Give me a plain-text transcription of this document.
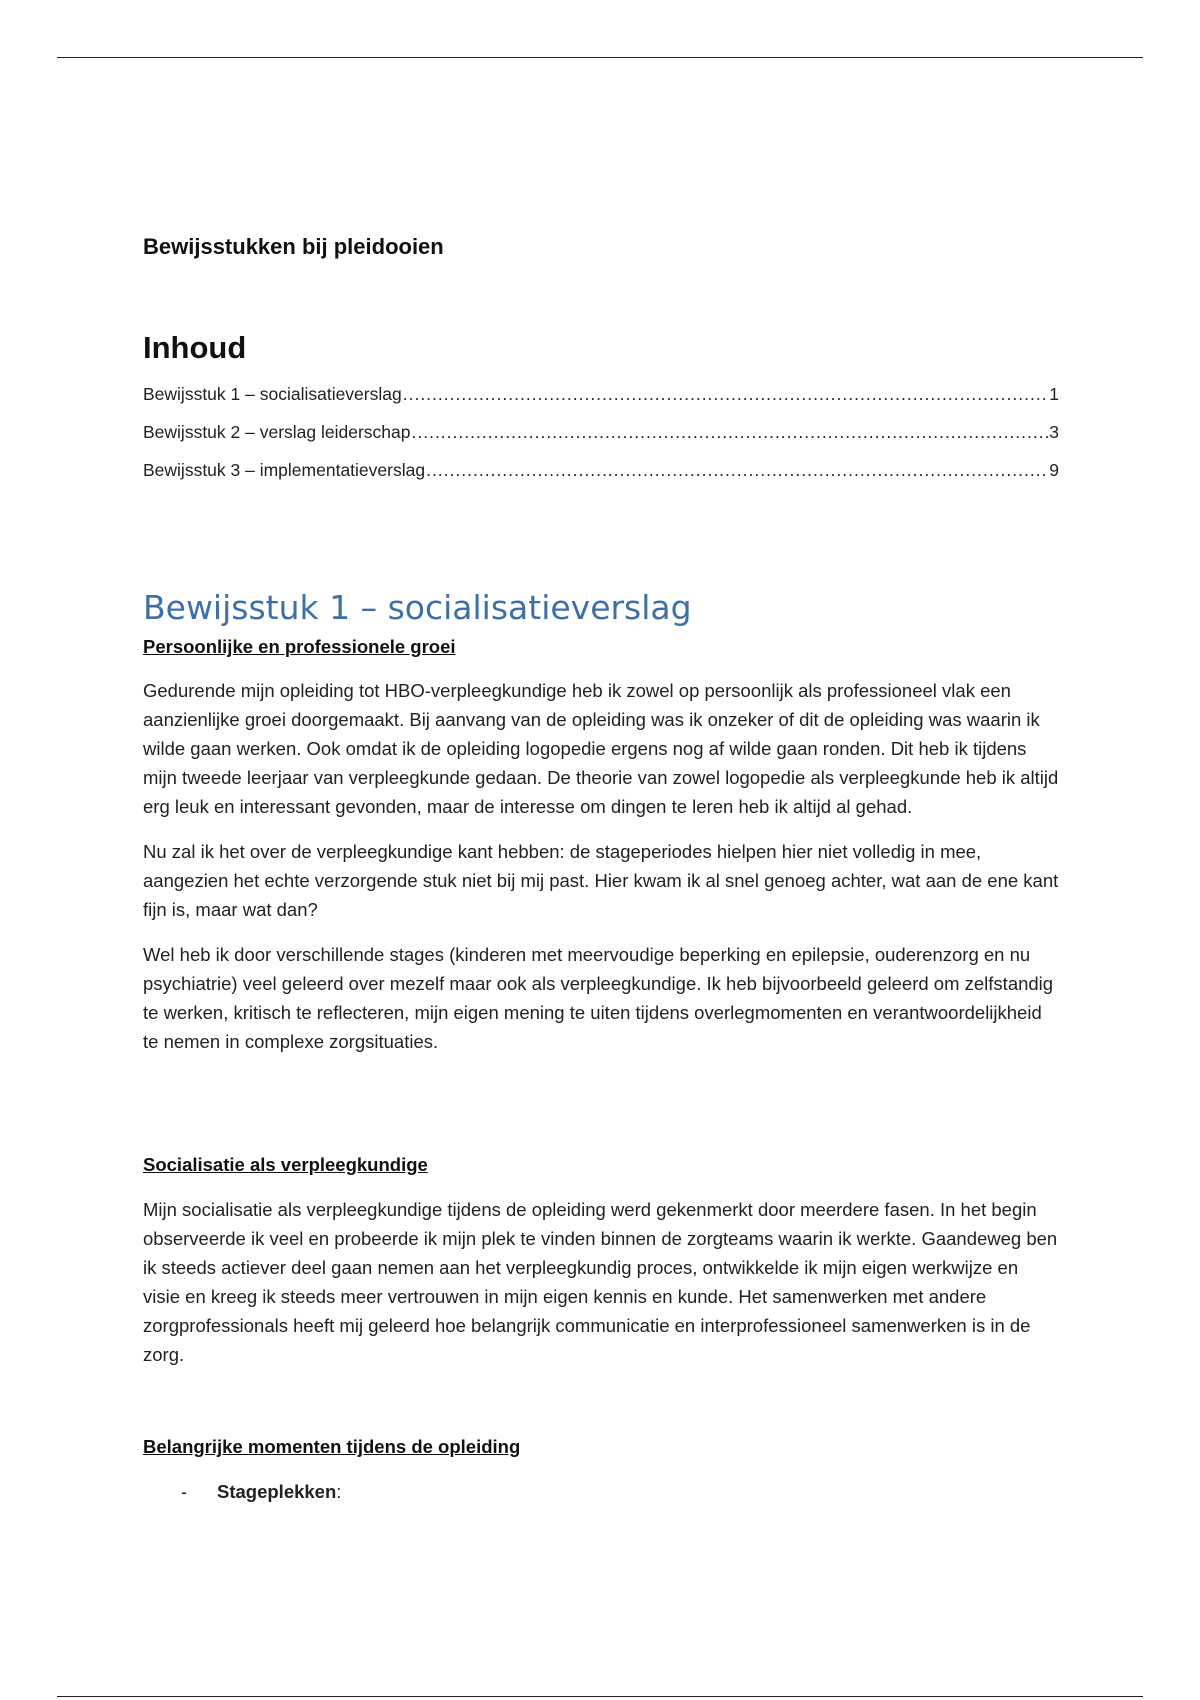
Bewijsstukken bij pleidooien
Inhoud
Bewijsstuk 1 – socialisatieverslag .....	1
Bewijsstuk 2 – verslag leiderschap .....	3
Bewijsstuk 3 – implementatieverslag .....	9
Bewijsstuk 1 – socialisatieverslag
Persoonlijke en professionele groei

Gedurende mijn opleiding tot HBO-verpleegkundige heb ik zowel op persoonlijk als professioneel vlak een aanzienlijke groei doorgemaakt. Bij aanvang van de opleiding was ik onzeker of dit de opleiding was waarin ik wilde gaan werken. Ook omdat ik de opleiding logopedie ergens nog af wilde gaan ronden. Dit heb ik tijdens mijn tweede leerjaar van verpleegkunde gedaan. De theorie van zowel logopedie als verpleegkunde heb ik altijd erg leuk en interessant gevonden, maar de interesse om dingen te leren heb ik altijd al gehad.

Nu zal ik het over de verpleegkundige kant hebben: de stageperiodes hielpen hier niet volledig in mee, aangezien het echte verzorgende stuk niet bij mij past. Hier kwam ik al snel genoeg achter, wat aan de ene kant fijn is, maar wat dan?

Wel heb ik door verschillende stages (kinderen met meervoudige beperking en epilepsie, ouderenzorg en nu psychiatrie) veel geleerd over mezelf maar ook als verpleegkundige. Ik heb bijvoorbeeld geleerd om zelfstandig te werken, kritisch te reflecteren, mijn eigen mening te uiten tijdens overlegmomenten en verantwoordelijkheid te nemen in complexe zorgsituaties.

Socialisatie als verpleegkundige

Mijn socialisatie als verpleegkundige tijdens de opleiding werd gekenmerkt door meerdere fasen. In het begin observeerde ik veel en probeerde ik mijn plek te vinden binnen de zorgteams waarin ik werkte. Gaandeweg ben ik steeds actiever deel gaan nemen aan het verpleegkundig proces, ontwikkelde ik mijn eigen werkwijze en visie en kreeg ik steeds meer vertrouwen in mijn eigen kennis en kunde. Het samenwerken met andere zorgprofessionals heeft mij geleerd hoe belangrijk communicatie en interprofessioneel samenwerken is in de zorg.

Belangrijke momenten tijdens de opleiding
-	Stageplekken :
